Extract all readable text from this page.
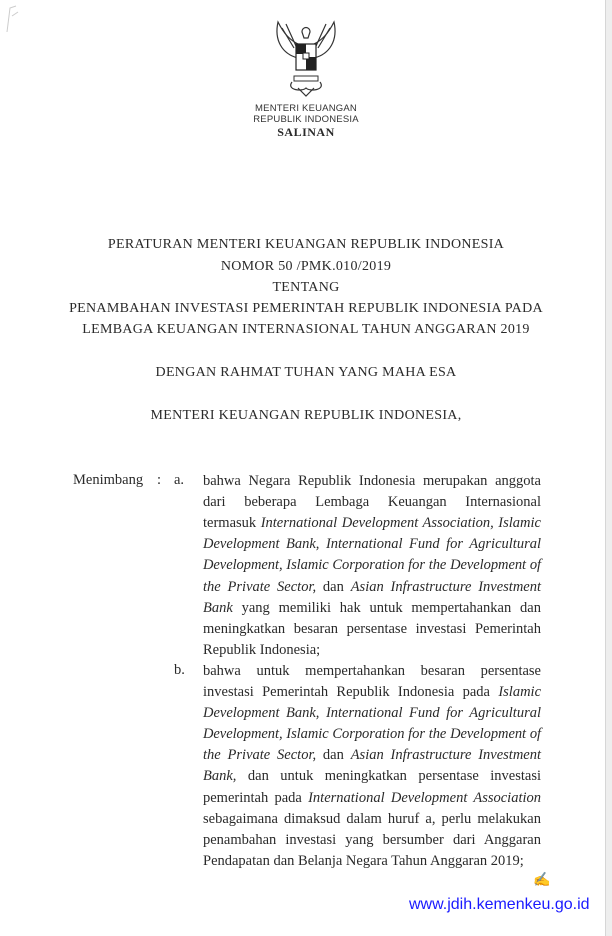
MENTERI KEUANGAN
REPUBLIK INDONESIA
SALINAN
PERATURAN MENTERI KEUANGAN REPUBLIK INDONESIA
NOMOR 50 /PMK.010/2019
TENTANG
PENAMBAHAN INVESTASI PEMERINTAH REPUBLIK INDONESIA PADA
LEMBAGA KEUANGAN INTERNASIONAL TAHUN ANGGARAN 2019
DENGAN RAHMAT TUHAN YANG MAHA ESA
MENTERI KEUANGAN REPUBLIK INDONESIA,
Menimbang : a. bahwa Negara Republik Indonesia merupakan anggota
dari beberapa Lembaga Keuangan Internasional
termasuk International Development Association, Islamic
Development Bank, International Fund for Agricultural
Development, Islamic Corporation for the Development of
the Private Sector, dan Asian Infrastructure Investment
Bank yang memiliki hak untuk mempertahankan dan
meningkatkan besaran persentase investasi Pemerintah
Republik Indonesia;
b. bahwa untuk mempertahankan besaran persentase
investasi Pemerintah Republik Indonesia pada Islamic
Development Bank, International Fund for Agricultural
Development, Islamic Corporation for the Development of
the Private Sector, dan Asian Infrastructure Investment
Bank, dan untuk meningkatkan persentase investasi
pemerintah pada International Development Association
sebagaimana dimaksud dalam huruf a, perlu melakukan
penambahan investasi yang bersumber dari Anggaran
Pendapatan dan Belanja Negara Tahun Anggaran 2019;
✍
www.jdih.kemenkeu.go.id
